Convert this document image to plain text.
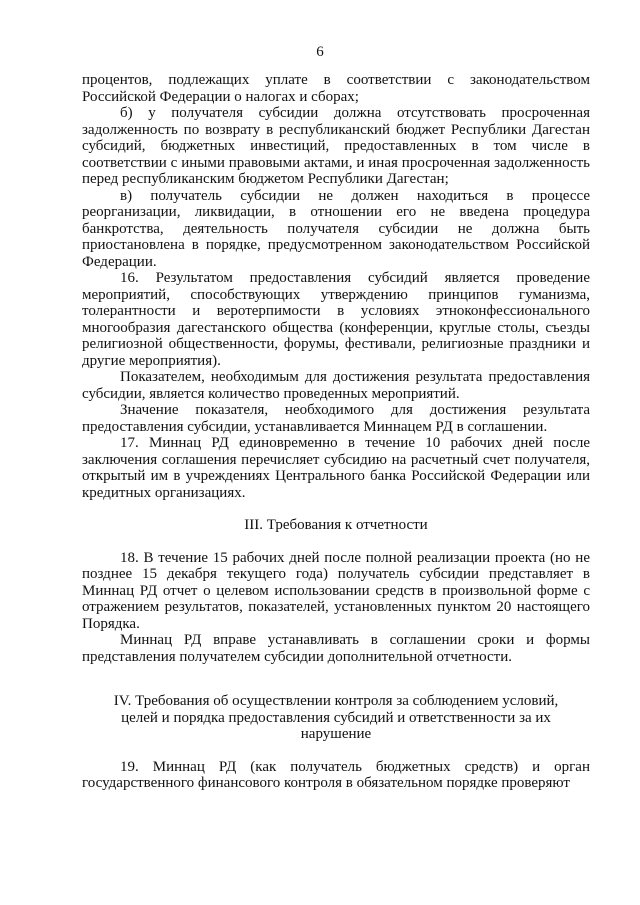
6

процентов, подлежащих уплате в соответствии с законодательством Российской Федерации о налогах и сборах;

б) у получателя субсидии должна отсутствовать просроченная задолженность по возврату в республиканский бюджет Республики Дагестан субсидий, бюджетных инвестиций, предоставленных в том числе в соответствии с иными правовыми актами, и иная просроченная задолженность перед республиканским бюджетом Республики Дагестан;

в) получатель субсидии не должен находиться в процессе реорганизации, ликвидации, в отношении его не введена процедура банкротства, деятельность получателя субсидии не должна быть приостановлена в порядке, предусмотренном законодательством Российской Федерации.

16. Результатом предоставления субсидий является проведение мероприятий, способствующих утверждению принципов гуманизма, толерантности и веротерпимости в условиях этноконфессионального многообразия дагестанского общества (конференции, круглые столы, съезды религиозной общественности, форумы, фестивали, религиозные праздники и другие мероприятия).

Показателем, необходимым для достижения результата предоставления субсидии, является количество проведенных мероприятий.

Значение показателя, необходимого для достижения результата предоставления субсидии, устанавливается Миннацем РД в соглашении.

17. Миннац РД единовременно в течение 10 рабочих дней после заключения соглашения перечисляет субсидию на расчетный счет получателя, открытый им в учреждениях Центрального банка Российской Федерации или кредитных организациях.

III. Требования к отчетности

18. В течение 15 рабочих дней после полной реализации проекта (но не позднее 15 декабря текущего года) получатель субсидии представляет в Миннац РД отчет о целевом использовании средств в произвольной форме с отражением результатов, показателей, установленных пунктом 20 настоящего Порядка.

Миннац РД вправе устанавливать в соглашении сроки и формы представления получателем субсидии дополнительной отчетности.

IV. Требования об осуществлении контроля за соблюдением условий,

целей и порядка предоставления субсидий и ответственности за их

нарушение

19. Миннац РД (как получатель бюджетных средств) и орган государственного финансового контроля в обязательном порядке проверяют
